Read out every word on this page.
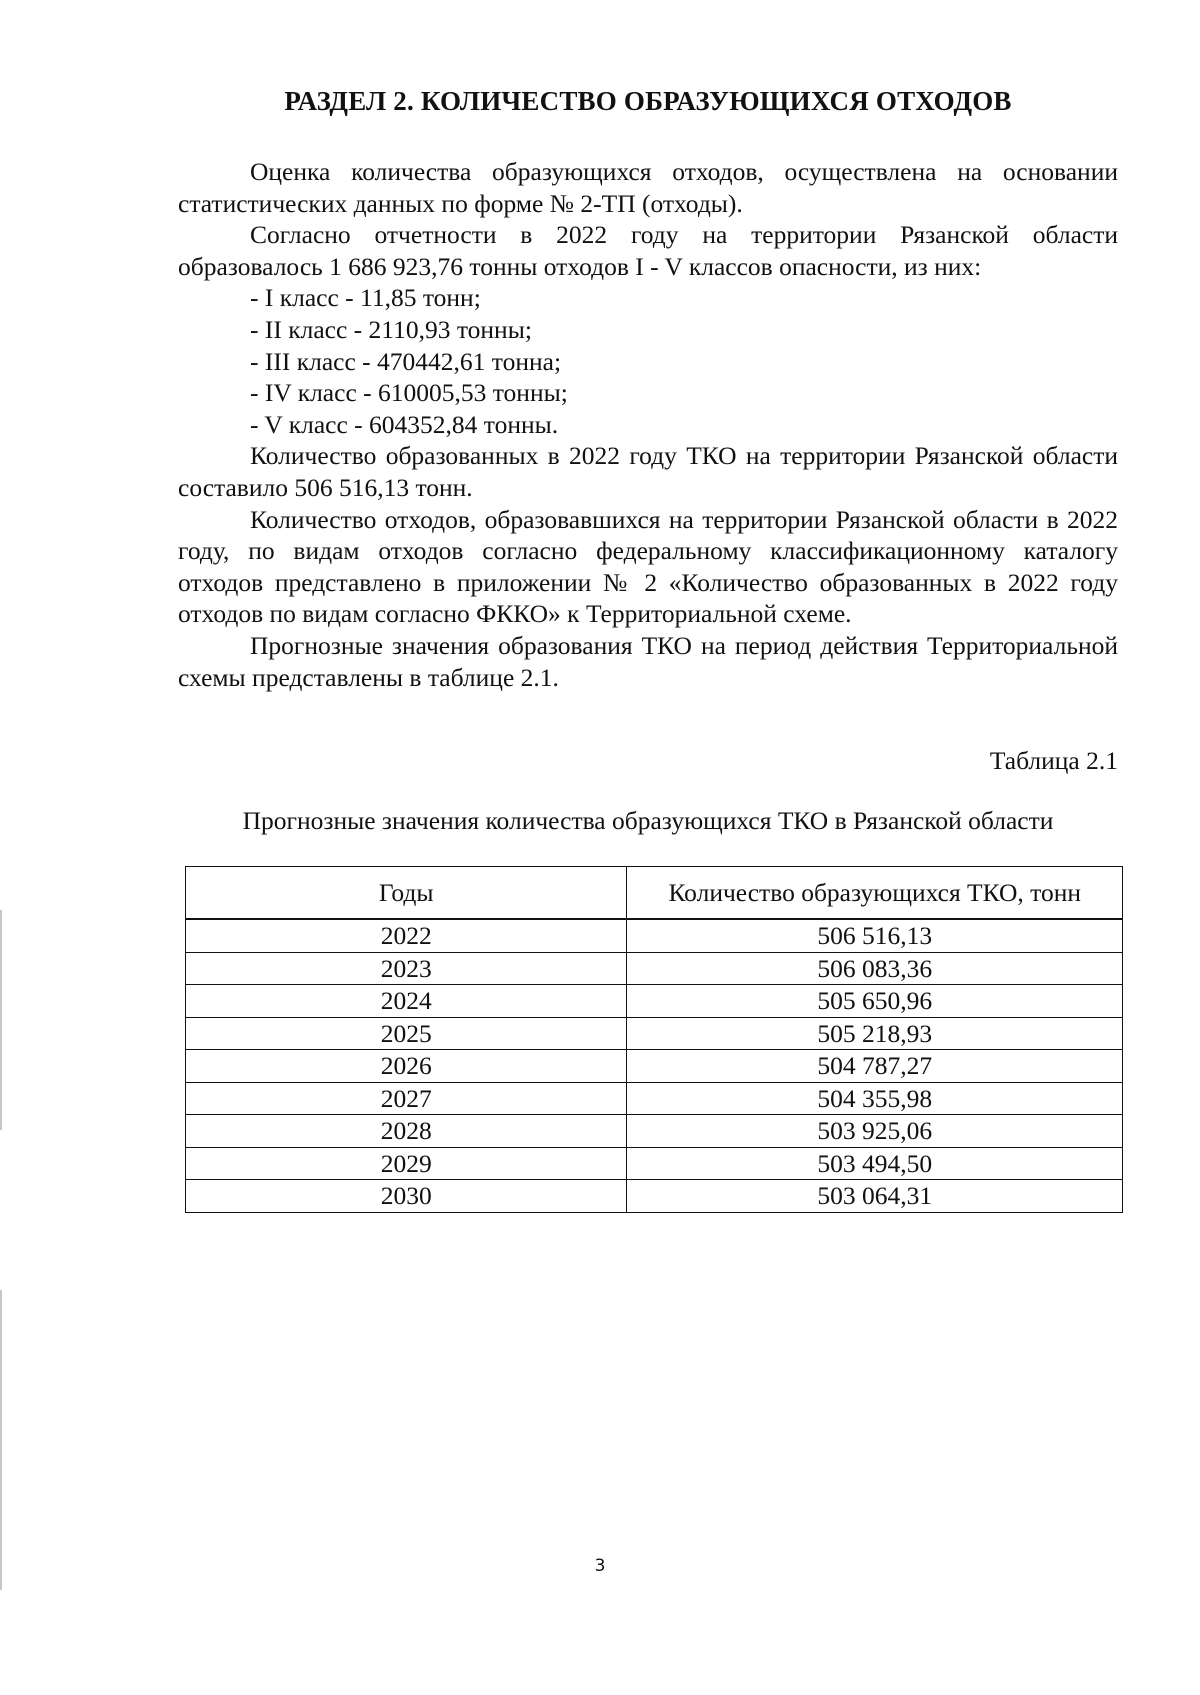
РАЗДЕЛ 2. КОЛИЧЕСТВО ОБРАЗУЮЩИХСЯ ОТХОДОВ

Оценка количества образующихся отходов, осуществлена на основании статистических данных по форме № 2-ТП (отходы).

Согласно отчетности в 2022 году на территории Рязанской области образовалось 1 686 923,76 тонны отходов I - V классов опасности, из них:

- I класс - 11,85 тонн;

- II класс - 2110,93 тонны;

- III класс - 470442,61 тонна;

- IV класс - 610005,53 тонны;

- V класс - 604352,84 тонны.

Количество образованных в 2022 году ТКО на территории Рязанской области составило 506 516,13 тонн.

Количество отходов, образовавшихся на территории Рязанской области в 2022 году, по видам отходов согласно федеральному классификационному каталогу отходов представлено в приложении № 2 «Количество образованных в 2022 году отходов по видам согласно ФККО» к Территориальной схеме.

Прогнозные значения образования ТКО на период действия Территориальной схемы представлены в таблице 2.1.

Таблица 2.1

Прогнозные значения количества образующихся ТКО в Рязанской области

Годы	Количество образующихся ТКО, тонн
2022	506 516,13
2023	506 083,36
2024	505 650,96
2025	505 218,93
2026	504 787,27
2027	504 355,98
2028	503 925,06
2029	503 494,50
2030	503 064,31

3
